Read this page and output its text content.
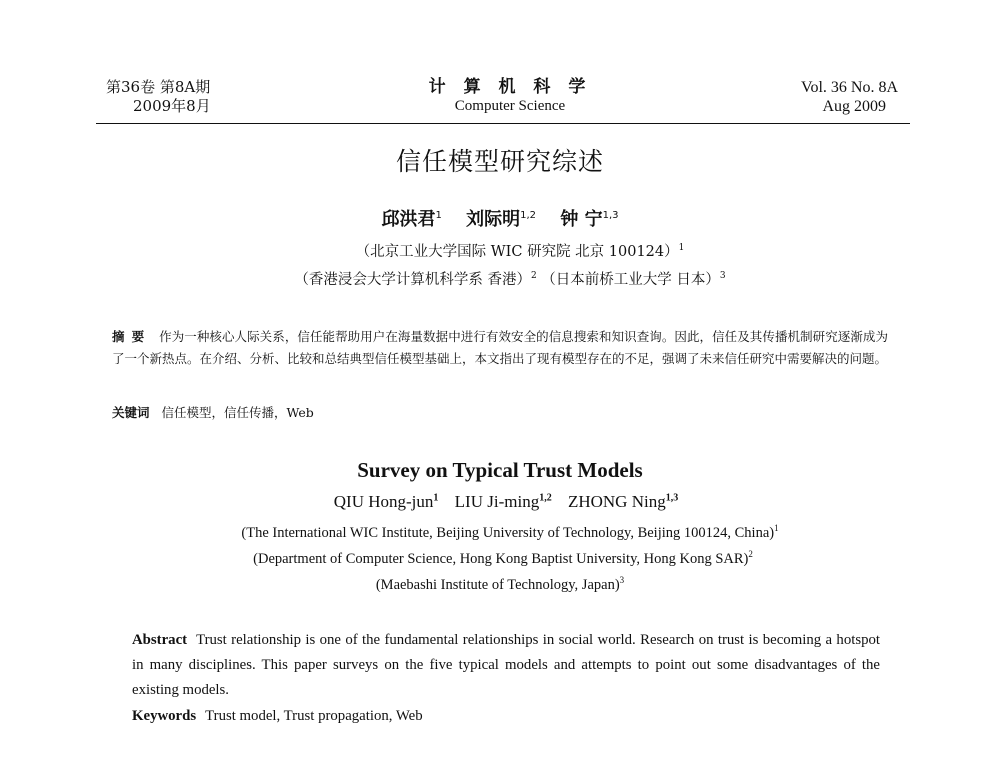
第36卷 第8A期
2009年8月
计 算 机 科 学
Computer Science
Vol. 36 No. 8A
Aug 2009
信任模型研究综述
邱洪君$^1$ 刘际明$^{1,2}$ 钟 宁$^{1,3}$
（北京工业大学国际 WIC 研究院 北京 100124）$^1$
（香港浸会大学计算机科学系 香港）$^2$ （日本前桥工业大学 日本）$^3$
摘要 作为一种核心人际关系，信任能帮助用户在海量数据中进行有效安全的信息搜索和知识查询。因此，信任及其传播机制研究逐渐成为了一个新热点。在介绍、分析、比较和总结典型信任模型基础上，本文指出了现有模型存在的不足，强调了未来信任研究中需要解决的问题。
关键词 信任模型，信任传播，Web
Survey on Typical Trust Models
QIU Hong-jun$^1$ LIU Ji-ming$^{1,2}$ ZHONG Ning$^{1,3}$
(The International WIC Institute, Beijing University of Technology, Beijing 100124, China)$^1$
(Department of Computer Science, Hong Kong Baptist University, Hong Kong SAR)$^2$
(Maebashi Institute of Technology, Japan)$^3$
Abstract Trust relationship is one of the fundamental relationships in social world. Research on trust is becoming a hotspot in many disciplines. This paper surveys on the five typical models and attempts to point out some disadvantages of the existing models.
Keywords Trust model, Trust propagation, Web
